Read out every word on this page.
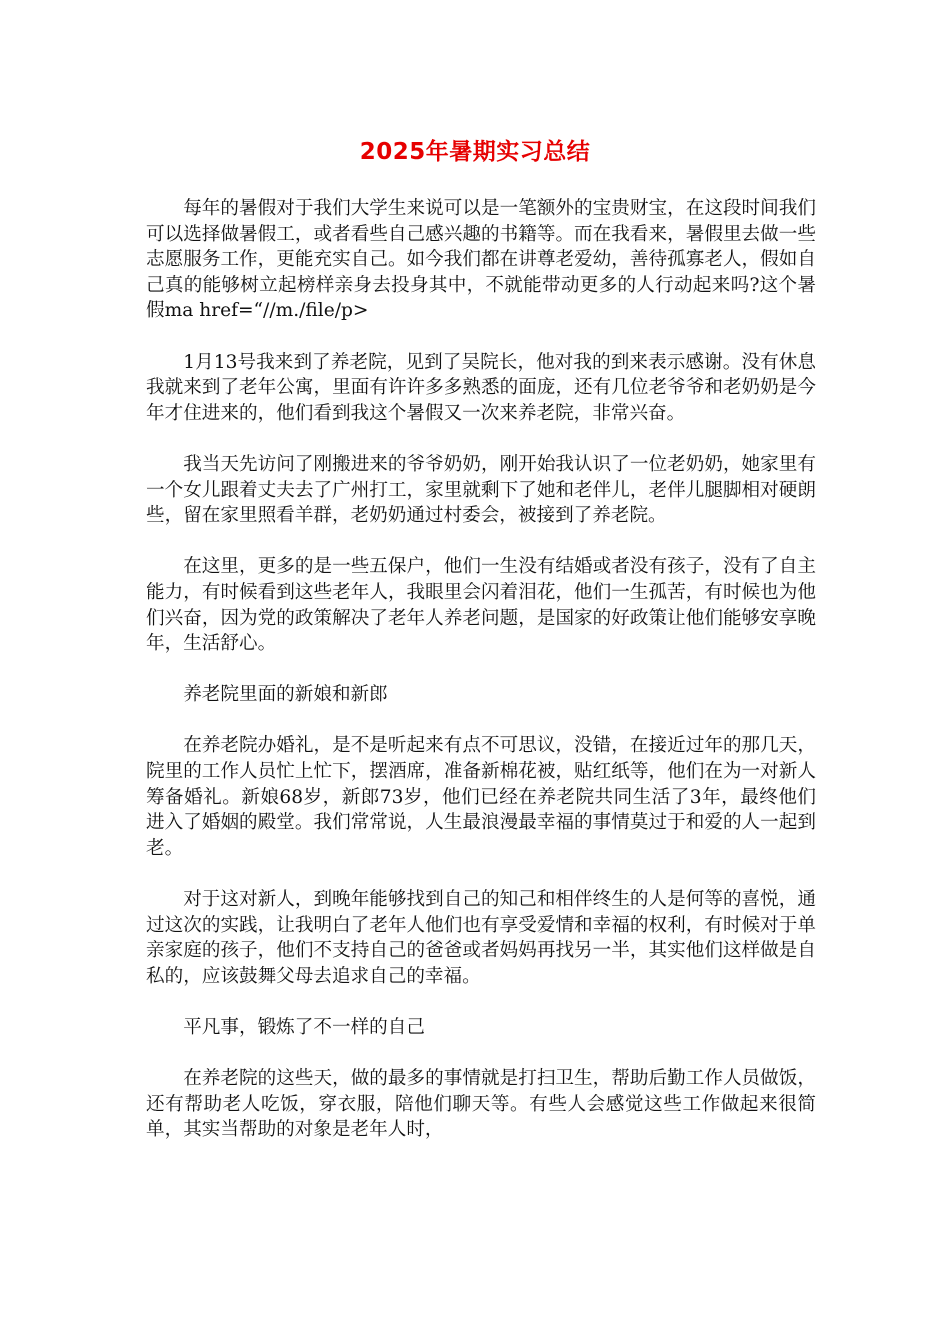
2025年暑期实习总结

每年的暑假对于我们大学生来说可以是一笔额外的宝贵财宝，在这段时间我们可以选择做暑假工，或者看些自己感兴趣的书籍等。而在我看来，暑假里去做一些志愿服务工作，更能充实自己。如今我们都在讲尊老爱幼，善待孤寡老人，假如自己真的能够树立起榜样亲身去投身其中，不就能带动更多的人行动起来吗?这个暑假ma href=“//m./file/p>

1月13号我来到了养老院，见到了吴院长，他对我的到来表示感谢。没有休息我就来到了老年公寓，里面有许许多多熟悉的面庞，还有几位老爷爷和老奶奶是今年才住进来的，他们看到我这个暑假又一次来养老院，非常兴奋。

我当天先访问了刚搬进来的爷爷奶奶，刚开始我认识了一位老奶奶，她家里有一个女儿跟着丈夫去了广州打工，家里就剩下了她和老伴儿，老伴儿腿脚相对硬朗些，留在家里照看羊群，老奶奶通过村委会，被接到了养老院。

在这里，更多的是一些五保户，他们一生没有结婚或者没有孩子，没有了自主能力，有时候看到这些老年人，我眼里会闪着泪花，他们一生孤苦，有时候也为他们兴奋，因为党的政策解决了老年人养老问题，是国家的好政策让他们能够安享晚年，生活舒心。

养老院里面的新娘和新郎

在养老院办婚礼，是不是听起来有点不可思议，没错，在接近过年的那几天，院里的工作人员忙上忙下，摆酒席，准备新棉花被，贴红纸等，他们在为一对新人筹备婚礼。新娘68岁，新郎73岁，他们已经在养老院共同生活了3年，最终他们进入了婚姻的殿堂。我们常常说，人生最浪漫最幸福的事情莫过于和爱的人一起到老。

对于这对新人，到晚年能够找到自己的知己和相伴终生的人是何等的喜悦，通过这次的实践，让我明白了老年人他们也有享受爱情和幸福的权利，有时候对于单亲家庭的孩子，他们不支持自己的爸爸或者妈妈再找另一半，其实他们这样做是自私的，应该鼓舞父母去追求自己的幸福。

平凡事，锻炼了不一样的自己

在养老院的这些天，做的最多的事情就是打扫卫生，帮助后勤工作人员做饭，还有帮助老人吃饭，穿衣服，陪他们聊天等。有些人会感觉这些工作做起来很简单，其实当帮助的对象是老年人时，
